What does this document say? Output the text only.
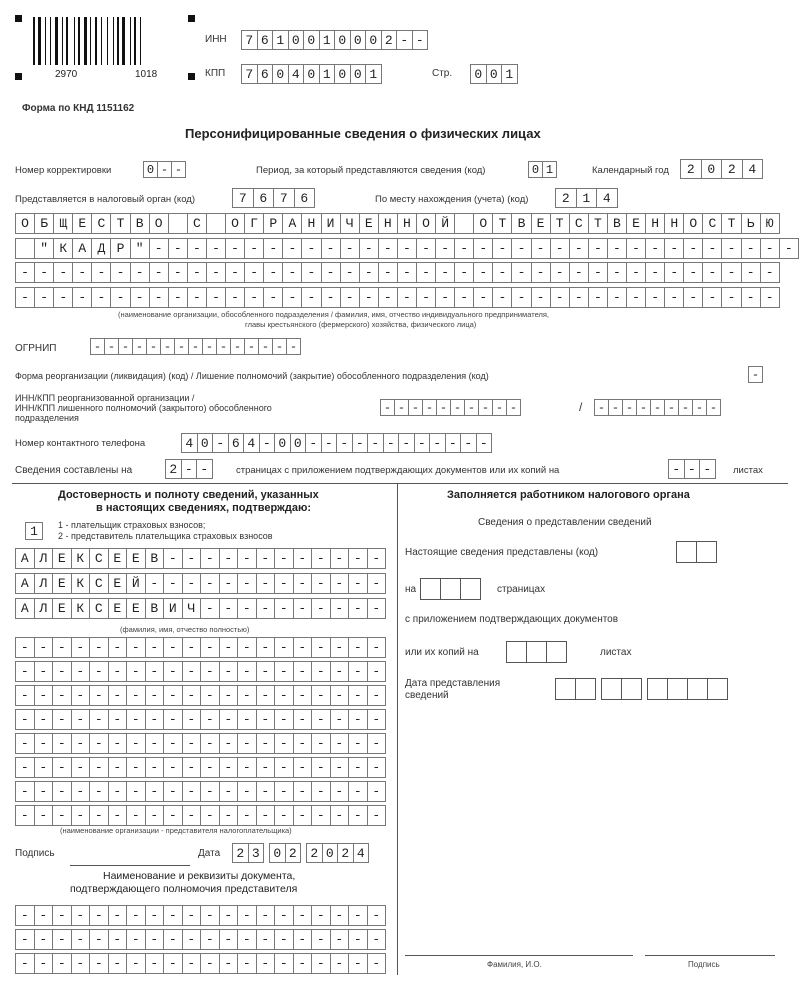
2970	1018
ИНН	7 6 1 0 0 1 0 0 0 2 - -
КПП	7 6 0 4 0 1 0 0 1	Стр.	0 0 1
Форма по КНД 1151162
Персонифицированные сведения о физических лицах
Номер корректировки	0 - -	Период, за который представляются сведения (код)	0 1	Календарный год	2 0 2 4
Представляется в налоговый орган (код)	7 6 7 6	По месту нахождения (учета) (код)	2 1 4
О Б Щ Е С Т В О	С	О Г Р А Н И Ч Е Н Н О Й	О Т В Е Т С Т В Е Н Н О С Т Ь Ю
" К А Д Р " - - - - - - - - - - - - - - - - - - - - - - - - - - - - - - - - - -
- - - - - - - - - - - - - - - - - - - - - - - - - - - - - - - - - - - - - - - -
- - - - - - - - - - - - - - - - - - - - - - - - - - - - - - - - - - - - - - - -
(наименование организации, обособленного подразделения / фамилия, имя, отчество индивидуального предпринимателя,
главы крестьянского (фермерского) хозяйства, физического лица)
ОГРНИП	- - - - - - - - - - - - - - -
Форма реорганизации (ликвидация) (код) / Лишение полномочий (закрытие) обособленного подразделения (код)	-
ИНН/КПП реорганизованной организации /
ИНН/КПП лишенного полномочий (закрытого) обособленного
подразделения
- - - - - - - - - -	/	- - - - - - - - -
Номер контактного телефона	4 0 - 6 4 - 0 0 - - - - - - - - - - - -
Сведения составлены на	2 - -	страницах с приложением подтверждающих документов или их копий на	- - -	листах
Достоверность и полноту сведений, указанных
в настоящих сведениях, подтверждаю:
1	1 - плательщик страховых взносов;
2 - представитель плательщика страховых взносов
А Л Е К С Е Е В - - - - - - - - - - - -
А Л Е К С Е Й - - - - - - - - - - - - -
А Л Е К С Е Е В И Ч - - - - - - - - - -
(фамилия, имя, отчество полностью)
- - - - - - - - - - - - - - - - - - - -
- - - - - - - - - - - - - - - - - - - -
- - - - - - - - - - - - - - - - - - - -
- - - - - - - - - - - - - - - - - - - -
- - - - - - - - - - - - - - - - - - - -
- - - - - - - - - - - - - - - - - - - -
- - - - - - - - - - - - - - - - - - - -
- - - - - - - - - - - - - - - - - - - -
(наименование организации - представителя налогоплательщика)
Подпись	Дата	2 3	0 2	2 0 2 4
Наименование и реквизиты документа,
подтверждающего полномочия представителя
- - - - - - - - - - - - - - - - - - - -
- - - - - - - - - - - - - - - - - - - -
- - - - - - - - - - - - - - - - - - - -
Заполняется работником налогового органа
Сведения о представлении сведений
Настоящие сведения представлены (код)
на	страницах
с приложением подтверждающих документов
или их копий на	листах
Дата представления
сведений
Фамилия, И.О.	Подпись
